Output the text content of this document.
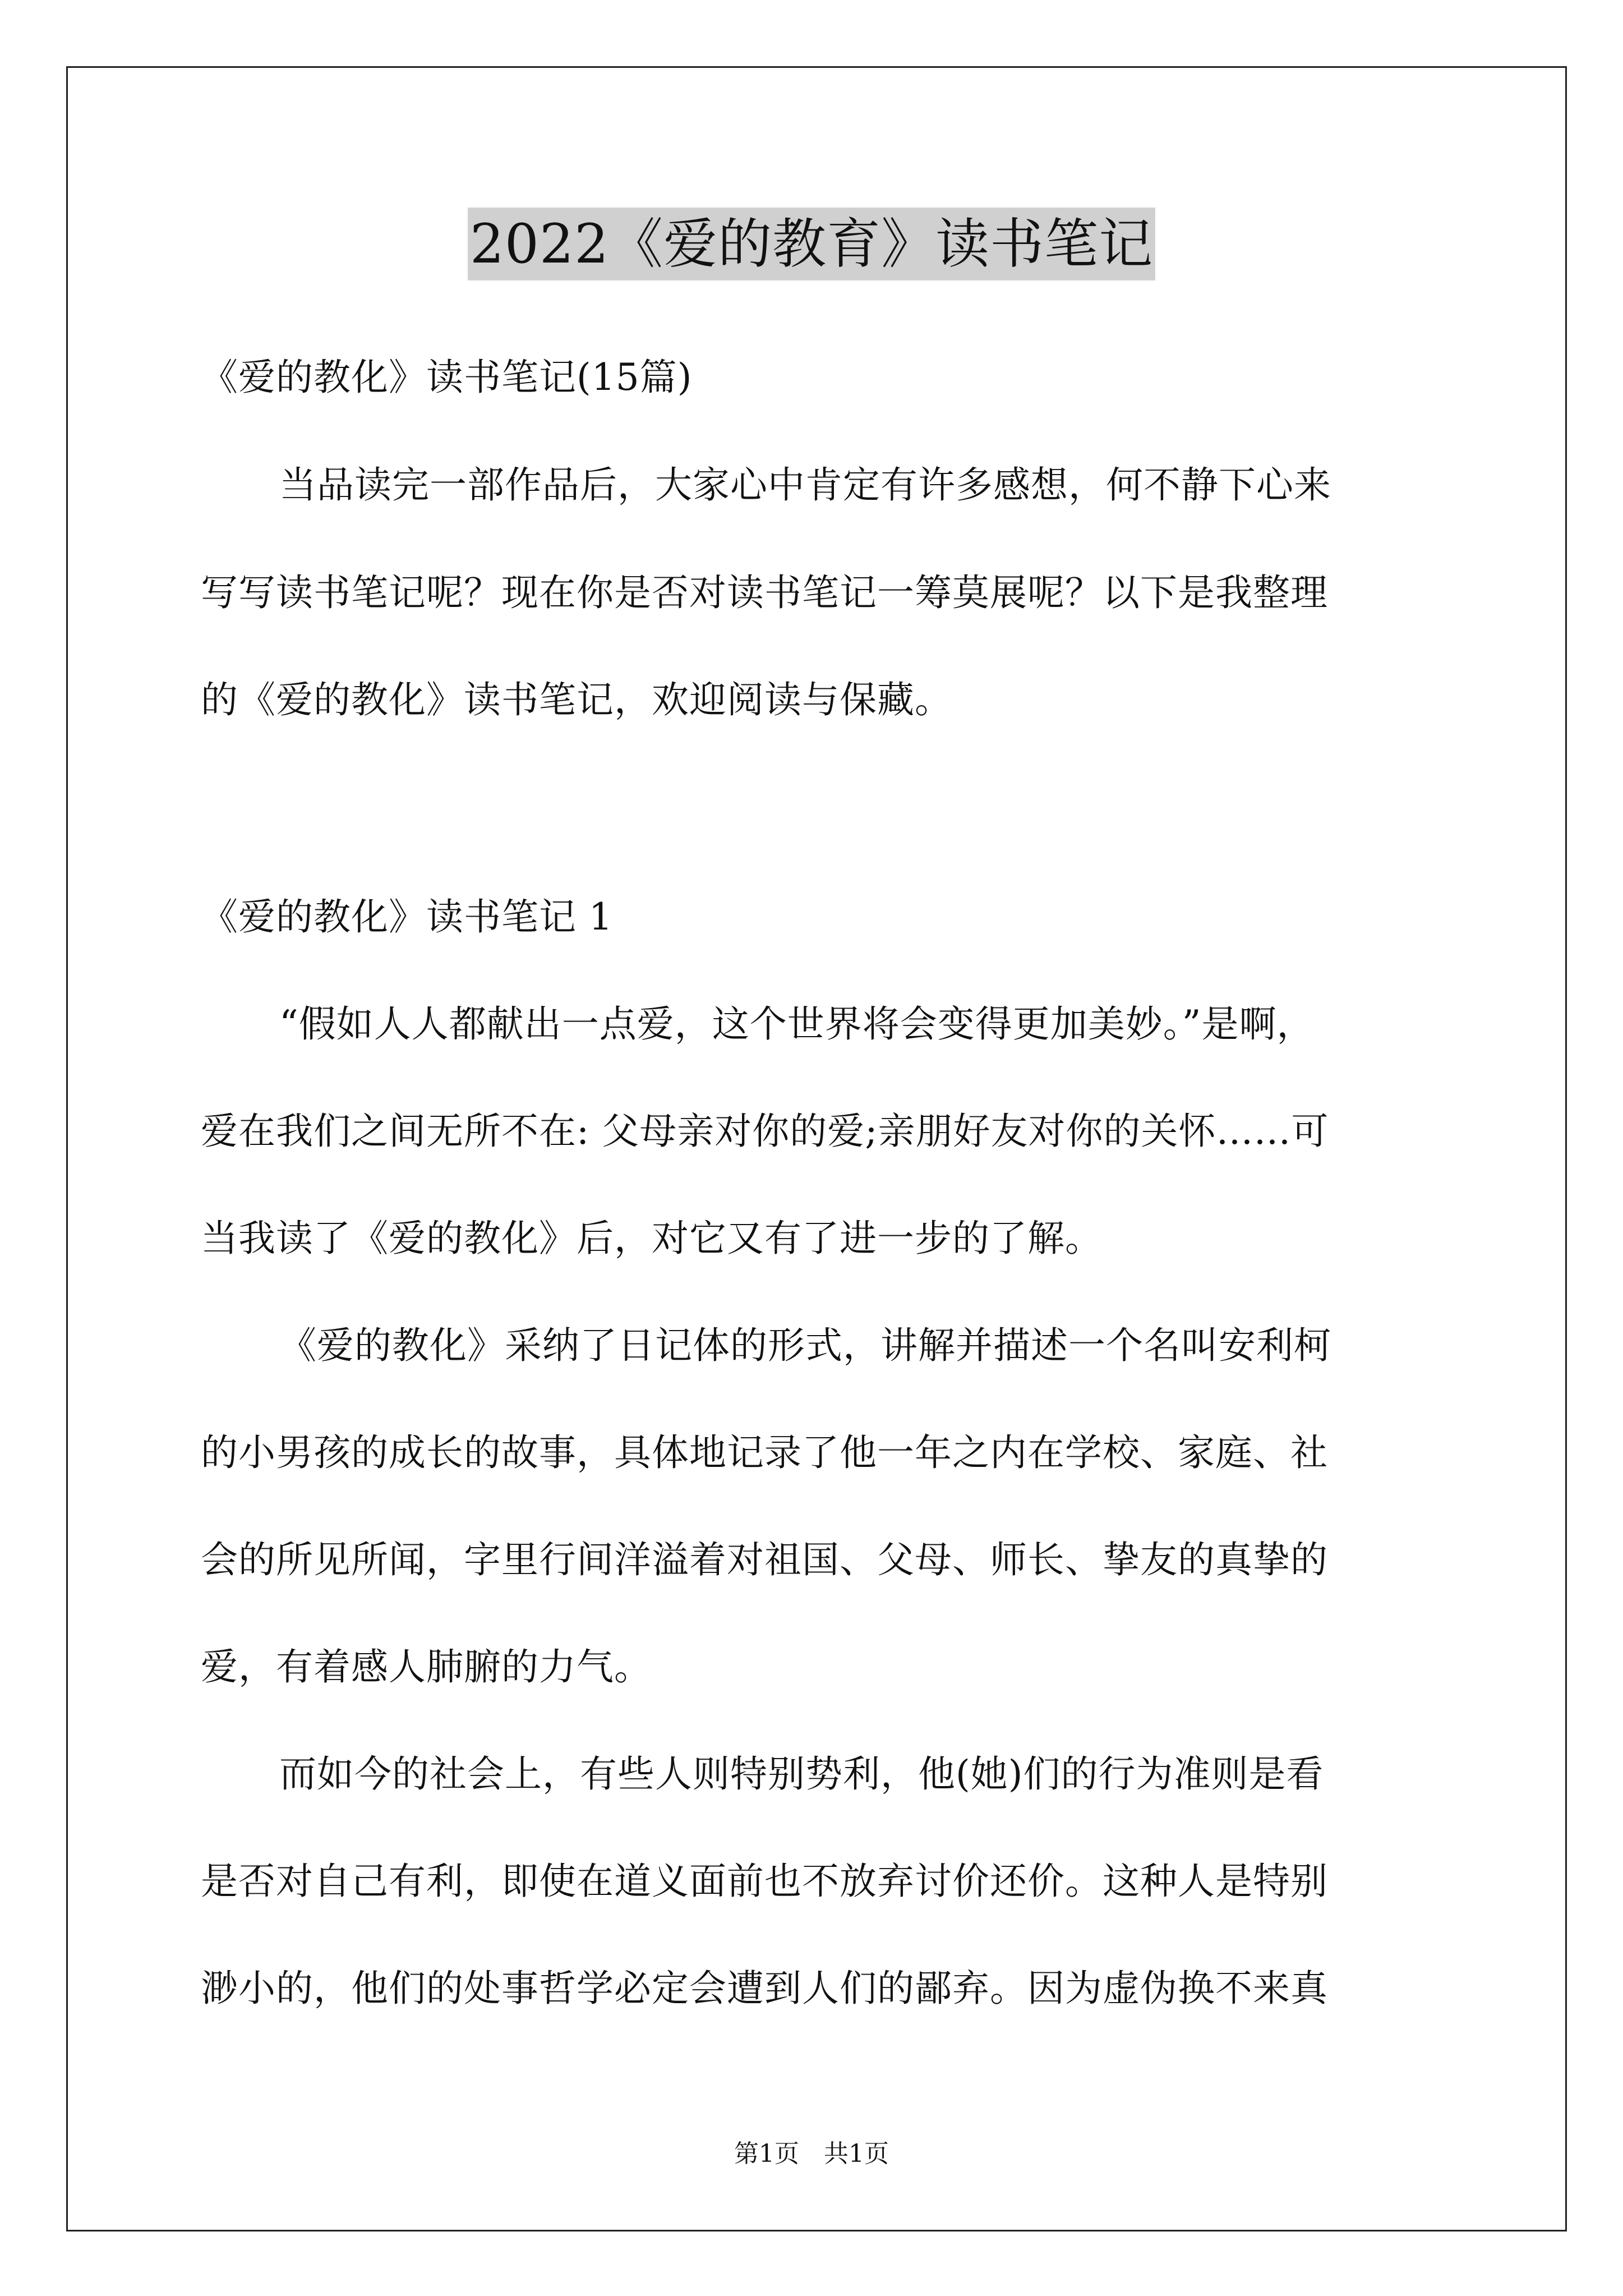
2022《爱的教育》读书笔记
《爱的教化》读书笔记(15篇)
当品读完一部作品后，大家心中肯定有许多感想，何不静下心来
写写读书笔记呢？现在你是否对读书笔记一筹莫展呢？以下是我整理
的《爱的教化》读书笔记，欢迎阅读与保藏。
《爱的教化》读书笔记 1
“假如人人都献出一点爱，这个世界将会变得更加美妙。”是啊，
爱在我们之间无所不在: 父母亲对你的爱;亲朋好友对你的关怀……可
当我读了《爱的教化》后，对它又有了进一步的了解。
《爱的教化》采纳了日记体的形式，讲解并描述一个名叫安利柯
的小男孩的成长的故事，具体地记录了他一年之内在学校、家庭、社
会的所见所闻，字里行间洋溢着对祖国、父母、师长、挚友的真挚的
爱，有着感人肺腑的力气。
而如今的社会上，有些人则特别势利，他(她)们的行为准则是看
是否对自己有利，即使在道义面前也不放弃讨价还价。这种人是特别
渺小的，他们的处事哲学必定会遭到人们的鄙弃。因为虚伪换不来真
第1页　共1页
